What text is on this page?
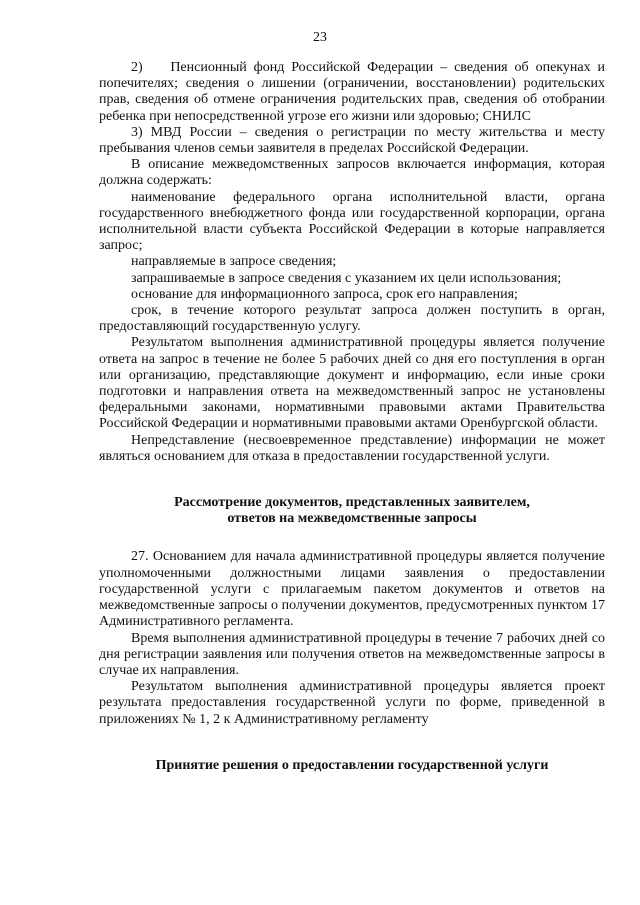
23

2)    Пенсионный фонд Российской Федерации – сведения об опекунах и попечителях; сведения о лишении (ограничении, восстановлении) родительских прав, сведения об отмене ограничения родительских прав, сведения об отобрании ребенка при непосредственной угрозе его жизни или здоровью; СНИЛС

3) МВД России – сведения о регистрации по месту жительства и месту пребывания членов семьи заявителя в пределах Российской Федерации.

В описание межведомственных запросов включается информация, которая должна содержать:

наименование федерального органа исполнительной власти, органа государственного внебюджетного фонда или государственной корпорации, органа исполнительной власти субъекта Российской Федерации в которые направляется запрос;

направляемые в запросе сведения;

запрашиваемые в запросе сведения с указанием их цели использования;

основание для информационного запроса, срок его направления;

срок, в течение которого результат запроса должен поступить в орган, предоставляющий государственную услугу.

Результатом выполнения административной процедуры является получение ответа на запрос в течение не более 5 рабочих дней со дня его поступления в орган или организацию, представляющие документ и информацию, если иные сроки подготовки и направления ответа на межведомственный запрос не установлены федеральными законами, нормативными правовыми актами Правительства Российской Федерации и нормативными правовыми актами Оренбургской области.

Непредставление (несвоевременное представление) информации не может являться основанием для отказа в предоставлении государственной услуги.

Рассмотрение документов, представленных заявителем,
ответов на межведомственные запросы

27. Основанием для начала административной процедуры является получение уполномоченными должностными лицами заявления о предоставлении государственной услуги с прилагаемым пакетом документов и ответов на межведомственные запросы о получении документов, предусмотренных пунктом 17 Административного регламента.

Время выполнения административной процедуры в течение 7 рабочих дней со дня регистрации заявления или получения ответов на межведомственные запросы в случае их направления.

Результатом выполнения административной процедуры является проект результата предоставления государственной услуги по форме, приведенной в приложениях № 1, 2 к Административному регламенту

Принятие решения о предоставлении государственной услуги
